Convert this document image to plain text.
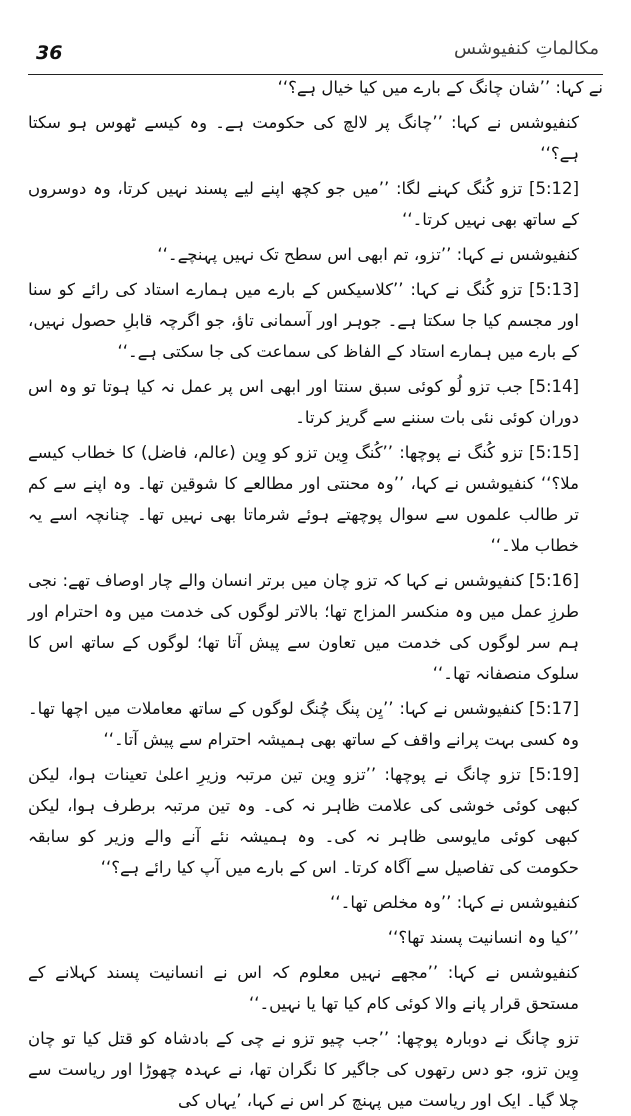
36	مکالماتِ کنفیوشس

نے کہا: ’’شان چانگ کے بارے میں کیا خیال ہے؟‘‘

کنفیوشس نے کہا: ’’چانگ پر لالچ کی حکومت ہے۔ وہ کیسے ٹھوس ہو سکتا ہے؟‘‘

[5:12] تزو کُنگ کہنے لگا: ’’میں جو کچھ اپنے لیے پسند نہیں کرتا، وہ دوسروں کے ساتھ بھی نہیں کرتا۔‘‘

کنفیوشس نے کہا: ’’تزو، تم ابھی اس سطح تک نہیں پہنچے۔‘‘

[5:13] تزو کُنگ نے کہا: ’’کلاسیکس کے بارے میں ہمارے استاد کی رائے کو سنا اور مجسم کیا جا سکتا ہے۔ جوہر اور آسمانی تاؤ، جو اگرچہ قابلِ حصول نہیں، کے بارے میں ہمارے استاد کے الفاظ کی سماعت کی جا سکتی ہے۔‘‘

[5:14] جب تزو لُو کوئی سبق سنتا اور ابھی اس پر عمل نہ کیا ہوتا تو وہ اس دوران کوئی نئی بات سننے سے گریز کرتا۔

[5:15] تزو کُنگ نے پوچھا: ’’کُنگ وِین تزو کو وِین (عالم، فاضل) کا خطاب کیسے ملا؟‘‘ کنفیوشس نے کہا، ’’وہ محنتی اور مطالعے کا شوقین تھا۔ وہ اپنے سے کم تر طالب علموں سے سوال پوچھتے ہوئے شرماتا بھی نہیں تھا۔ چنانچہ اسے یہ خطاب ملا۔‘‘

[5:16] کنفیوشس نے کہا کہ تزو چان میں برتر انسان والے چار اوصاف تھے: نجی طرزِ عمل میں وہ منکسر المزاج تھا؛ بالاتر لوگوں کی خدمت میں وہ احترام اور ہم سر لوگوں کی خدمت میں تعاون سے پیش آتا تھا؛ لوگوں کے ساتھ اس کا سلوک منصفانہ تھا۔‘‘

[5:17] کنفیوشس نے کہا: ’’یِن پنگ چُنگ لوگوں کے ساتھ معاملات میں اچھا تھا۔ وہ کسی بہت پرانے واقف کے ساتھ بھی ہمیشہ احترام سے پیش آتا۔‘‘

[5:19] تزو چانگ نے پوچھا: ’’تزو وِین تین مرتبہ وزیرِ اعلیٰ تعینات ہوا، لیکن کبھی کوئی خوشی کی علامت ظاہر نہ کی۔ وہ تین مرتبہ برطرف ہوا، لیکن کبھی کوئی مایوسی ظاہر نہ کی۔ وہ ہمیشہ نئے آنے والے وزیر کو سابقہ حکومت کی تفاصیل سے آگاہ کرتا۔ اس کے بارے میں آپ کیا رائے ہے؟‘‘

کنفیوشس نے کہا: ’’وہ مخلص تھا۔‘‘

’’کیا وہ انسانیت پسند تھا؟‘‘

کنفیوشس نے کہا: ’’مجھے نہیں معلوم کہ اس نے انسانیت پسند کہلانے کے مستحق قرار پانے والا کوئی کام کیا تھا یا نہیں۔‘‘

تزو چانگ نے دوبارہ پوچھا: ’’جب چیو تزو نے چی کے بادشاہ کو قتل کیا تو چان وِین تزو، جو دس رتھوں کی جاگیر کا نگران تھا، نے عہدہ چھوڑا اور ریاست سے چلا گیا۔ ایک اور ریاست میں پہنچ کر اس نے کہا، ’یہاں کی
